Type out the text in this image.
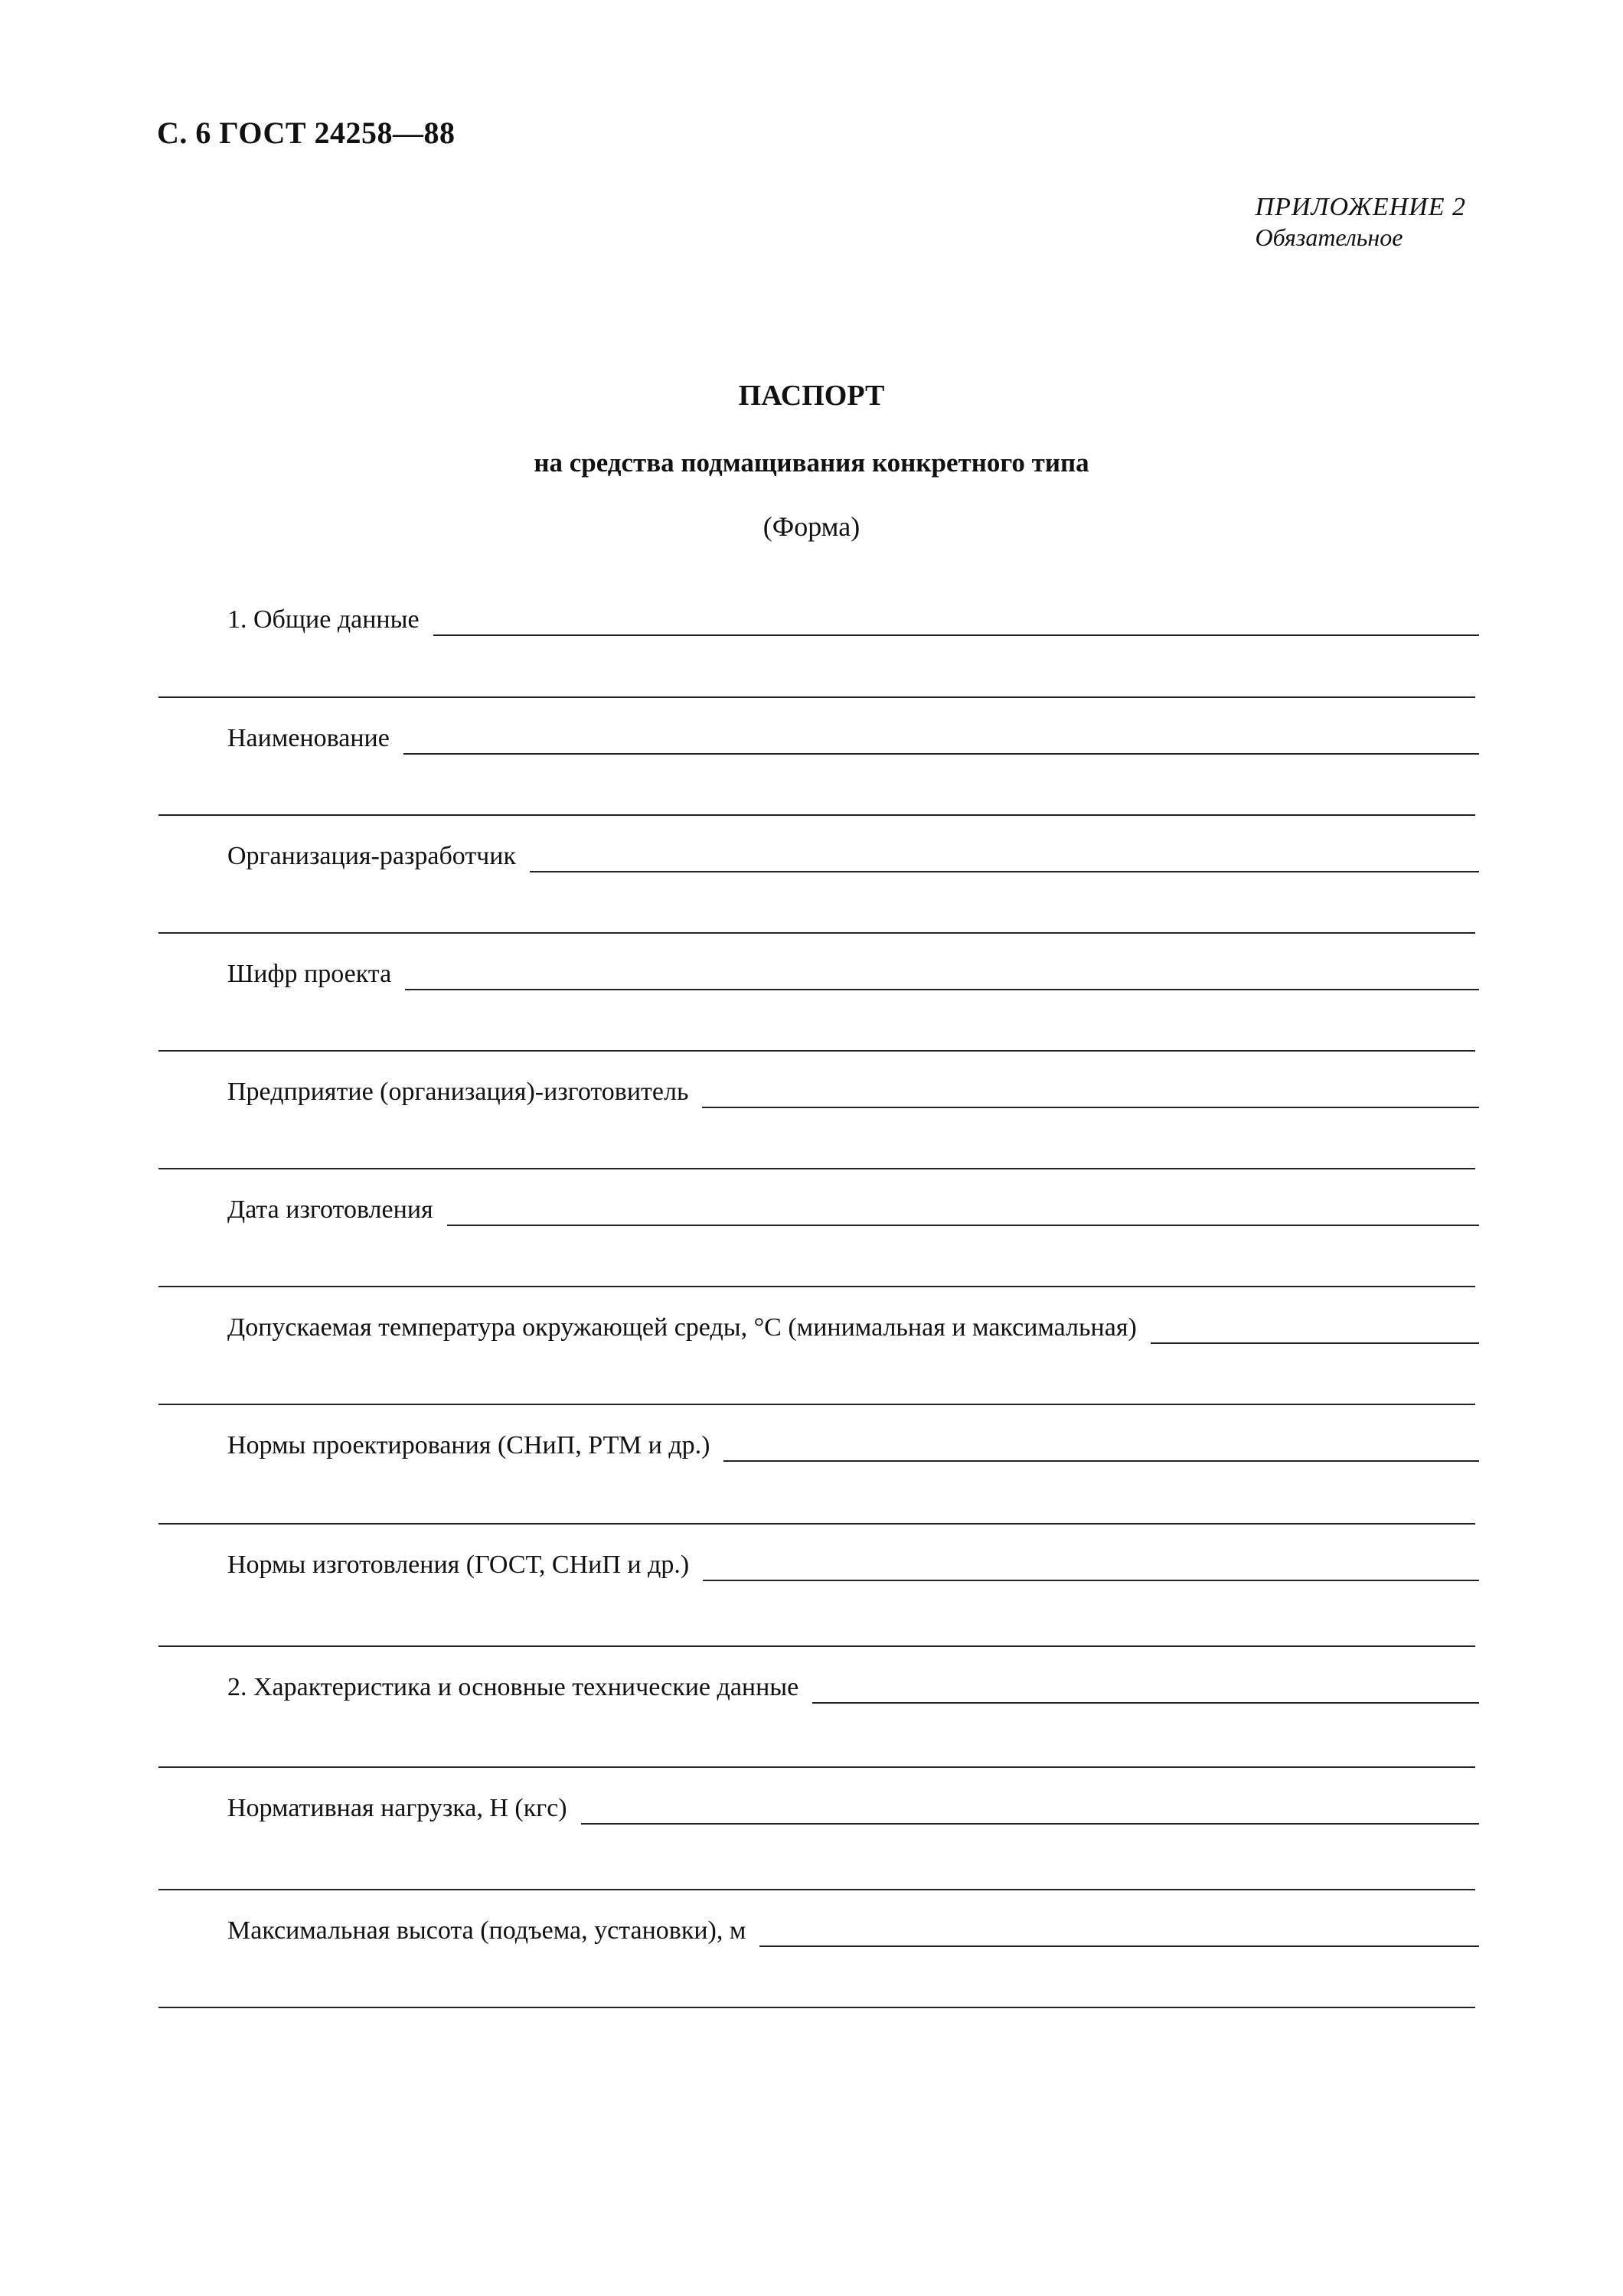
С. 6 ГОСТ 24258—88
ПРИЛОЖЕНИЕ 2
Обязательное
ПАСПОРТ
на средства подмащивания конкретного типа
(Форма)
1. Общие данные
Наименование
Организация-разработчик
Шифр проекта
Предприятие (организация)-изготовитель
Дата изготовления
Допускаемая температура окружающей среды, °С (минимальная и максимальная)
Нормы проектирования (СНиП, РТМ и др.)
Нормы изготовления (ГОСТ, СНиП и др.)
2. Характеристика и основные технические данные
Нормативная нагрузка, Н (кгс)
Максимальная высота (подъема, установки), м
